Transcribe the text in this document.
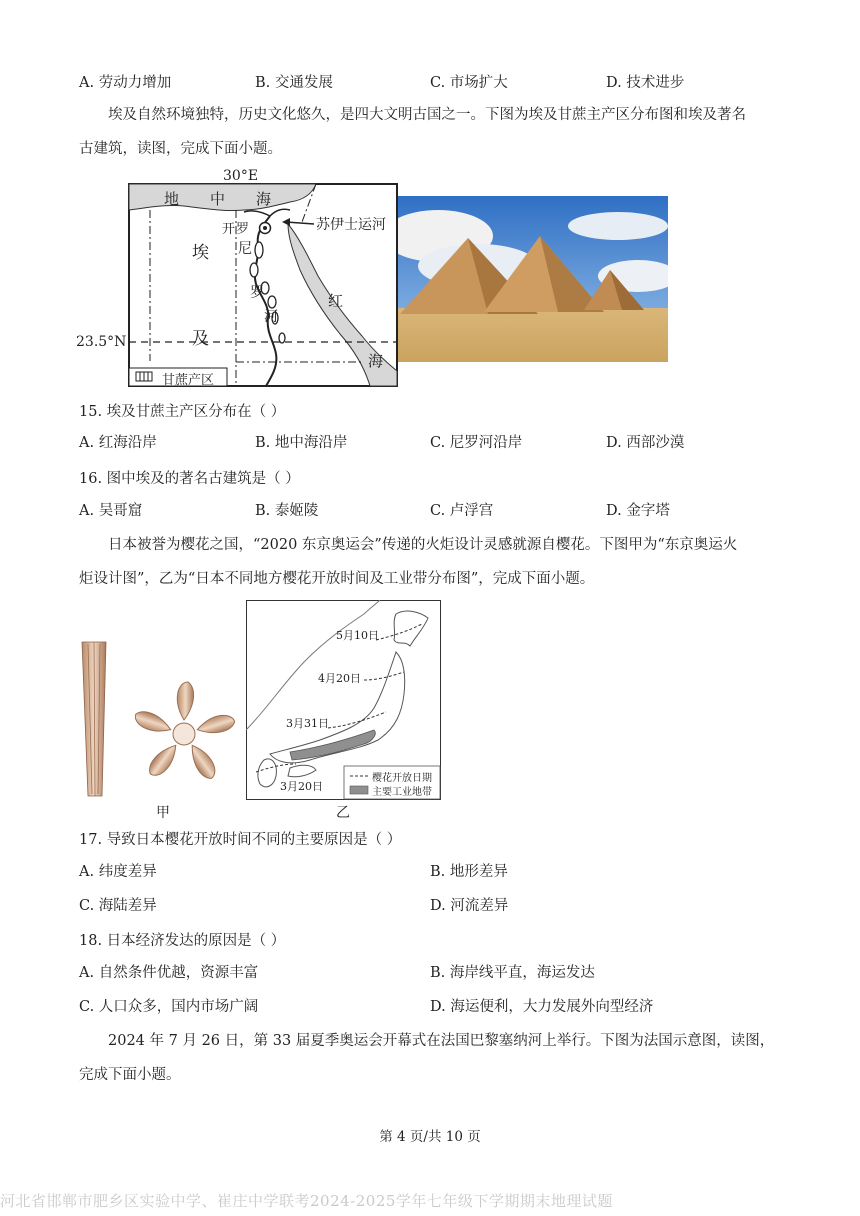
A. 劳动力增加	B. 交通发展	C. 市场扩大	D. 技术进步
埃及自然环境独特，历史文化悠久，是四大文明古国之一。下图为埃及甘蔗主产区分布图和埃及著名
古建筑，读图，完成下面小题。
30°E
23.5°N
地 中 海
苏伊士运河
开 罗
尼
罗
河
红
海
埃
及
甘蔗产区
15. 埃及甘蔗主产区分布在（ ）
A. 红海沿岸	B. 地中海沿岸	C. 尼罗河沿岸	D. 西部沙漠
16. 图中埃及的著名古建筑是（ ）
A. 吴哥窟	B. 泰姬陵	C. 卢浮宫	D. 金字塔
日本被誉为樱花之国，“2020 东京奥运会”传递的火炬设计灵感就源自樱花。下图甲为“东京奥运火
炬设计图”，乙为“日本不同地方樱花开放时间及工业带分布图”，完成下面小题。
甲
5月10日
4月20日
3月31日
3月20日
樱花开放日期
主要工业地带
乙
17. 导致日本樱花开放时间不同的主要原因是（ ）
A. 纬度差异	B. 地形差异
C. 海陆差异	D. 河流差异
18. 日本经济发达的原因是（ ）
A. 自然条件优越，资源丰富	B. 海岸线平直，海运发达
C. 人口众多，国内市场广阔	D. 海运便利，大力发展外向型经济
2024 年 7 月 26 日，第 33 届夏季奥运会开幕式在法国巴黎塞纳河上举行。下图为法国示意图，读图，
完成下面小题。
第 4 页/共 10 页
河北省邯郸市肥乡区实验中学、崔庄中学联考2024-2025学年七年级下学期期末地理试题
